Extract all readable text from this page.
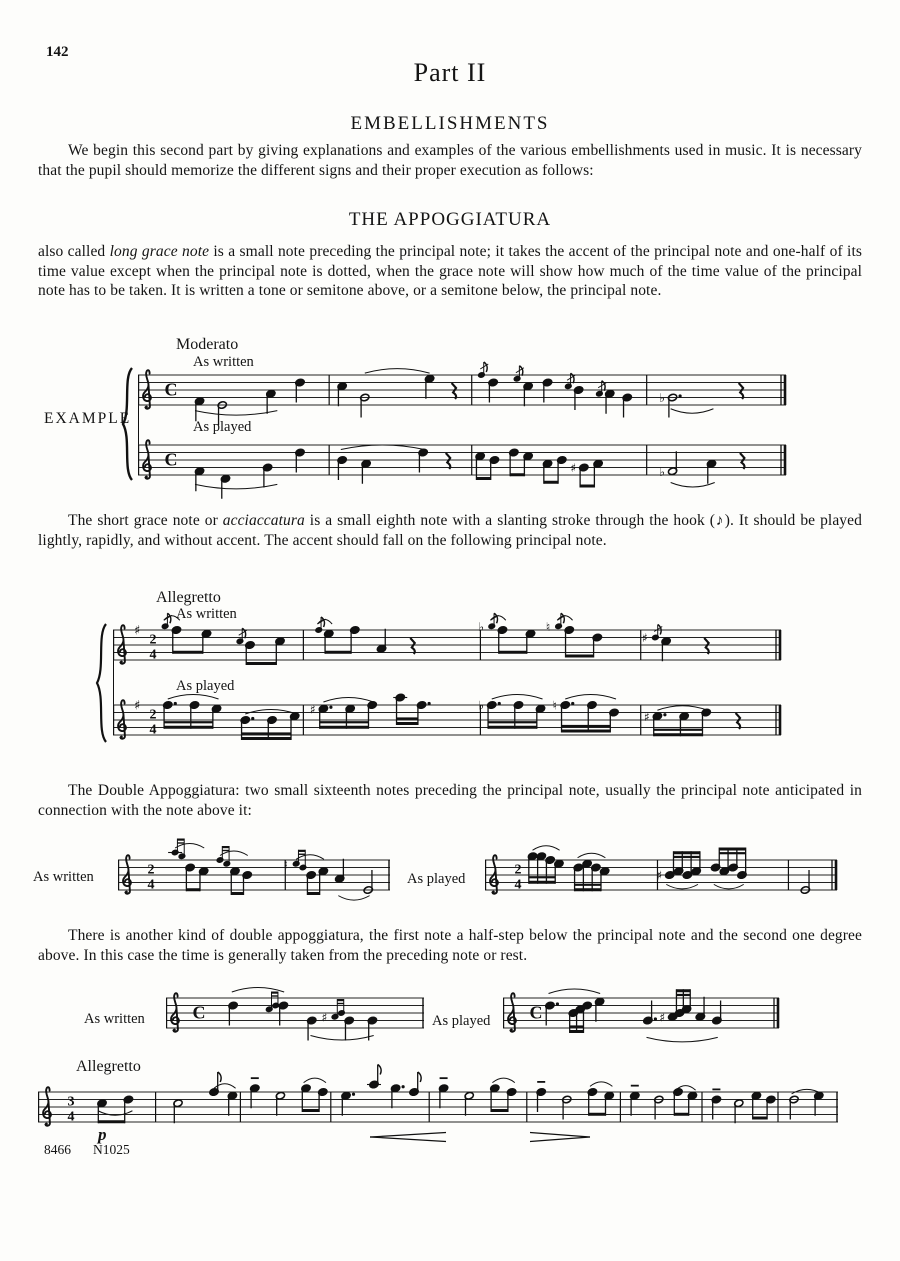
142
Part II
EMBELLISHMENTS

We begin this second part by giving explanations and examples of the various embellishments used in music. It is necessary that the pupil should memorize the different signs and their proper execution as follows:

THE APPOGGIATURA

also called long grace note is a small note preceding the principal note; it takes the accent of the principal note and one-half of its time value except when the principal note is dotted, when the grace note will show how much of the time value of the principal note has to be taken. It is written a tone or semitone above, or a semitone below, the principal note.

Moderato
As written
EXAMPLE	As played
C	♭
C	♯	♭

The short grace note or acciaccatura is a small eighth note with a slanting stroke through the hook (♪). It should be played lightly, rapidly, and without accent. The accent should fall on the following principal note.

Allegretto
As written
As played
♯
2
4
♭	♮
♯
♯
2
4
♯	♭	♮
♯

The Double Appoggiatura: two small sixteenth notes preceding the principal note, usually the principal note anticipated in connection with the note above it:

As written	2
4
♮
As played
2
4
♯

There is another kind of double appoggiatura, the first note a half-step below the principal note and the second one degree above. In this case the time is generally taken from the preceding note or rest.

As written	C	♯	As played C	♯
Allegretto
3
4
p
8466 N1025
